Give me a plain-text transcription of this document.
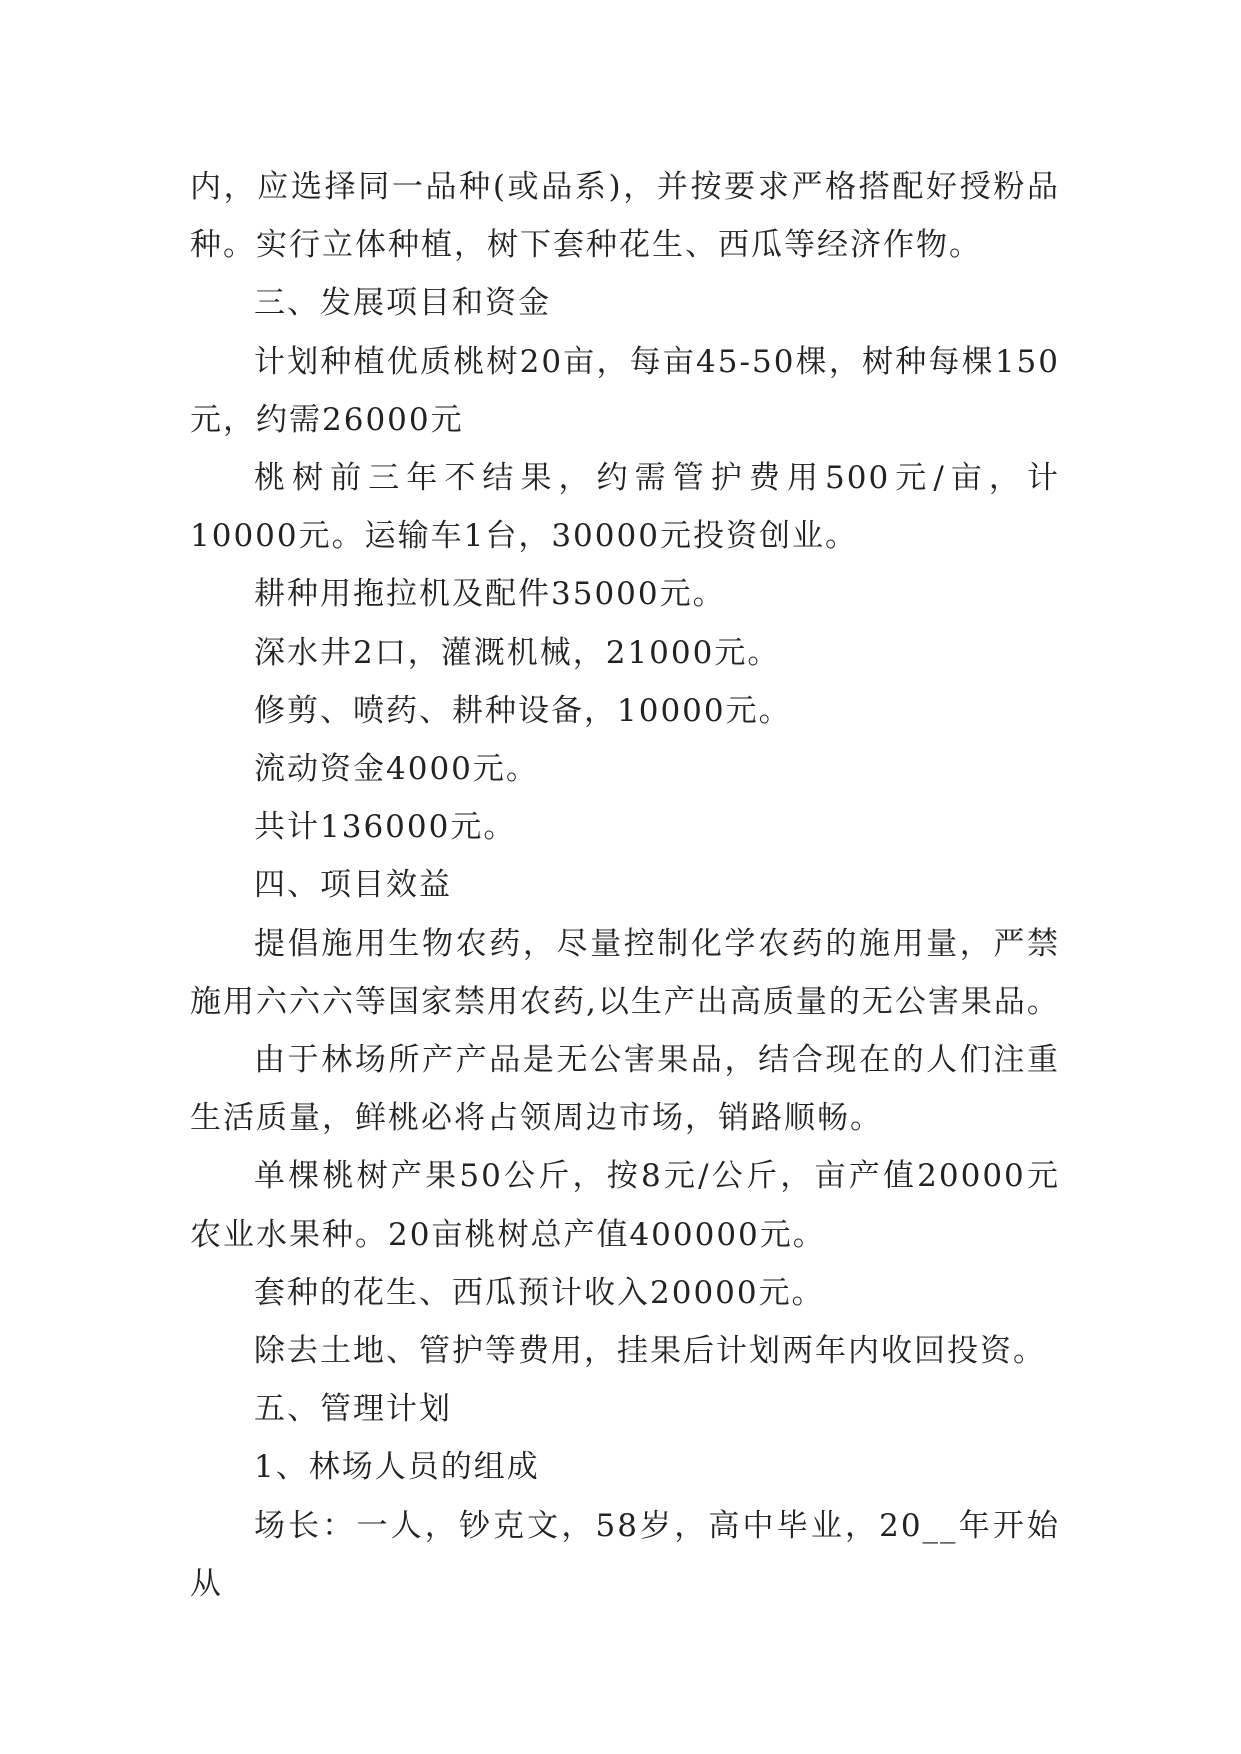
内，应选择同一品种(或品系)，并按要求严格搭配好授粉品种。实行立体种植，树下套种花生、西瓜等经济作物。

三、发展项目和资金

计划种植优质桃树20亩，每亩45-50棵，树种每棵150元，约需26000元

桃树前三年不结果，约需管护费用500元/亩，计10000元。运输车1台，30000元投资创业。

耕种用拖拉机及配件35000元。

深水井2口，灌溉机械，21000元。

修剪、喷药、耕种设备，10000元。

流动资金4000元。

共计136000元。

四、项目效益

提倡施用生物农药，尽量控制化学农药的施用量，严禁施用六六六等国家禁用农药,以生产出高质量的无公害果品。

由于林场所产产品是无公害果品，结合现在的人们注重生活质量，鲜桃必将占领周边市场，销路顺畅。

单棵桃树产果50公斤，按8元/公斤，亩产值20000元农业水果种。20亩桃树总产值400000元。

套种的花生、西瓜预计收入20000元。

除去土地、管护等费用，挂果后计划两年内收回投资。

五、管理计划

1、林场人员的组成

场长：一人，钞克文，58岁，高中毕业，20__年开始从
